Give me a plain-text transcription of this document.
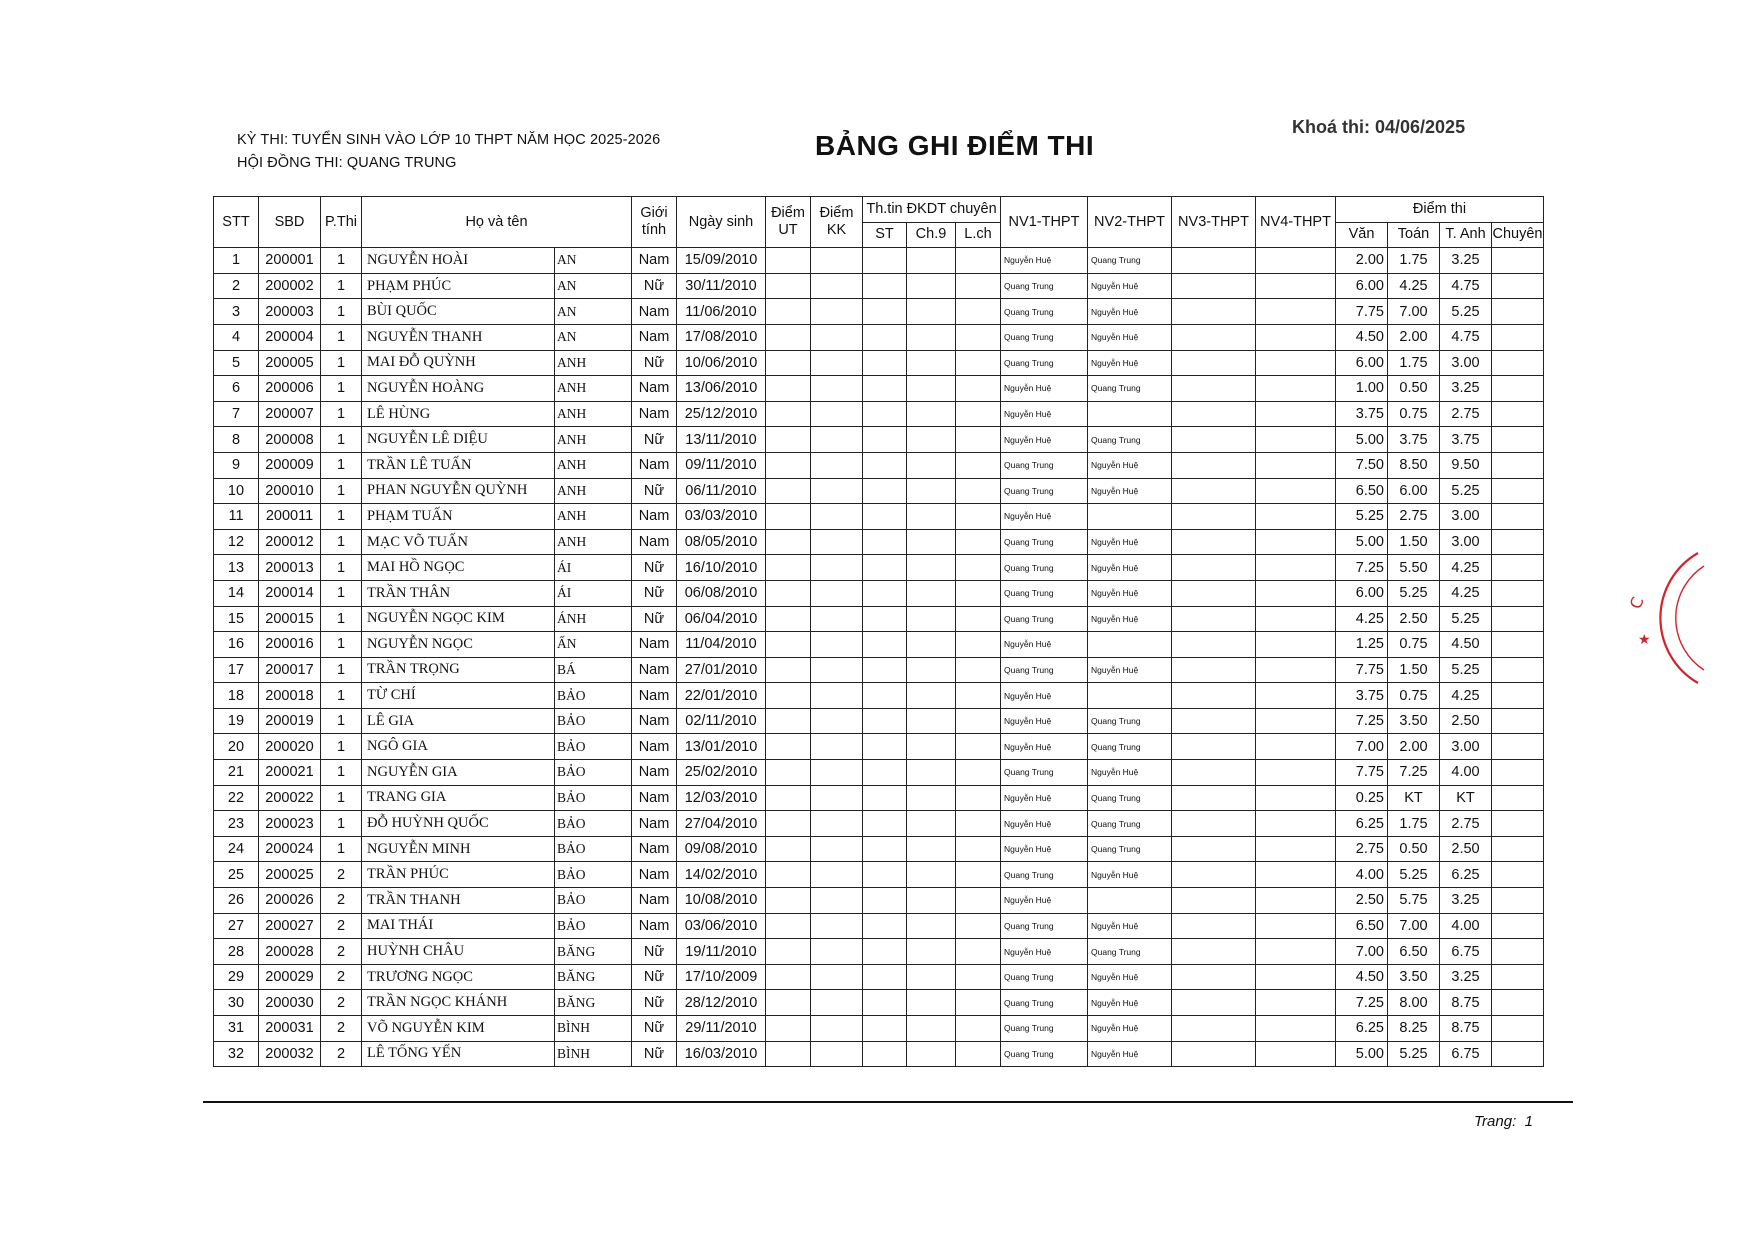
KỲ THI: TUYỂN SINH VÀO LỚP 10 THPT NĂM HỌC 2025-2026
HỘI ĐỒNG THI: QUANG TRUNG
BẢNG GHI ĐIỂM THI
Khoá thi: 04/06/2025
STT	SBD	P.Thi	Họ và tên		Giới tính	Ngày sinh	Điểm UT	Điểm KK	Th.tin ĐKDT chuyên			NV1-THPT	NV2-THPT	NV3-THPT	NV4-THPT	Điểm thi			
									ST	Ch.9	L.ch					Văn	Toán	T. Anh	Chuyên
1	200001	1	NGUYỄN HOÀI	AN	Nam	15/09/2010						Nguyễn Huệ	Quang Trung			2.00	1.75	3.25	
2	200002	1	PHẠM PHÚC	AN	Nữ	30/11/2010						Quang Trung	Nguyễn Huệ			6.00	4.25	4.75	
3	200003	1	BÙI QUỐC	AN	Nam	11/06/2010						Quang Trung	Nguyễn Huệ			7.75	7.00	5.25	
4	200004	1	NGUYỄN THANH	AN	Nam	17/08/2010						Quang Trung	Nguyễn Huệ			4.50	2.00	4.75	
5	200005	1	MAI ĐỖ QUỲNH	ANH	Nữ	10/06/2010						Quang Trung	Nguyễn Huệ			6.00	1.75	3.00	
6	200006	1	NGUYỄN HOÀNG	ANH	Nam	13/06/2010						Nguyễn Huệ	Quang Trung			1.00	0.50	3.25	
7	200007	1	LÊ HÙNG	ANH	Nam	25/12/2010						Nguyễn Huệ				3.75	0.75	2.75	
8	200008	1	NGUYỄN LÊ DIỆU	ANH	Nữ	13/11/2010						Nguyễn Huệ	Quang Trung			5.00	3.75	3.75	
9	200009	1	TRẦN LÊ TUẤN	ANH	Nam	09/11/2010						Quang Trung	Nguyễn Huệ			7.50	8.50	9.50	
10	200010	1	PHAN NGUYỄN QUỲNH	ANH	Nữ	06/11/2010						Quang Trung	Nguyễn Huệ			6.50	6.00	5.25	
11	200011	1	PHẠM TUẤN	ANH	Nam	03/03/2010						Nguyễn Huệ				5.25	2.75	3.00	
12	200012	1	MẠC VÕ TUẤN	ANH	Nam	08/05/2010						Quang Trung	Nguyễn Huệ			5.00	1.50	3.00	
13	200013	1	MAI HỒ NGỌC	ÁI	Nữ	16/10/2010						Quang Trung	Nguyễn Huệ			7.25	5.50	4.25	
14	200014	1	TRẦN THÂN	ÁI	Nữ	06/08/2010						Quang Trung	Nguyễn Huệ			6.00	5.25	4.25	
15	200015	1	NGUYỄN NGỌC KIM	ÁNH	Nữ	06/04/2010						Quang Trung	Nguyễn Huệ			4.25	2.50	5.25	
16	200016	1	NGUYỄN NGỌC	ẤN	Nam	11/04/2010						Nguyễn Huệ				1.25	0.75	4.50	
17	200017	1	TRẦN TRỌNG	BÁ	Nam	27/01/2010						Quang Trung	Nguyễn Huệ			7.75	1.50	5.25	
18	200018	1	TỪ CHÍ	BẢO	Nam	22/01/2010						Nguyễn Huệ				3.75	0.75	4.25	
19	200019	1	LÊ GIA	BẢO	Nam	02/11/2010						Nguyễn Huệ	Quang Trung			7.25	3.50	2.50	
20	200020	1	NGÔ GIA	BẢO	Nam	13/01/2010						Nguyễn Huệ	Quang Trung			7.00	2.00	3.00	
21	200021	1	NGUYỄN GIA	BẢO	Nam	25/02/2010						Quang Trung	Nguyễn Huệ			7.75	7.25	4.00	
22	200022	1	TRANG GIA	BẢO	Nam	12/03/2010						Nguyễn Huệ	Quang Trung			0.25	KT	KT	
23	200023	1	ĐỖ HUỲNH QUỐC	BẢO	Nam	27/04/2010						Nguyễn Huệ	Quang Trung			6.25	1.75	2.75	
24	200024	1	NGUYỄN MINH	BẢO	Nam	09/08/2010						Nguyễn Huệ	Quang Trung			2.75	0.50	2.50	
25	200025	2	TRẦN PHÚC	BẢO	Nam	14/02/2010						Quang Trung	Nguyễn Huệ			4.00	5.25	6.25	
26	200026	2	TRẦN THANH	BẢO	Nam	10/08/2010						Nguyễn Huệ				2.50	5.75	3.25	
27	200027	2	MAI THÁI	BẢO	Nam	03/06/2010						Quang Trung	Nguyễn Huệ			6.50	7.00	4.00	
28	200028	2	HUỲNH CHÂU	BĂNG	Nữ	19/11/2010						Nguyễn Huệ	Quang Trung			7.00	6.50	6.75	
29	200029	2	TRƯƠNG NGỌC	BĂNG	Nữ	17/10/2009						Quang Trung	Nguyễn Huệ			4.50	3.50	3.25	
30	200030	2	TRẦN NGỌC KHÁNH	BĂNG	Nữ	28/12/2010						Quang Trung	Nguyễn Huệ			7.25	8.00	8.75	
31	200031	2	VÕ NGUYỄN KIM	BÌNH	Nữ	29/11/2010						Quang Trung	Nguyễn Huệ			6.25	8.25	8.75	
32	200032	2	LÊ TỐNG YẾN	BÌNH	Nữ	16/03/2010						Quang Trung	Nguyễn Huệ			5.00	5.25	6.75	
Trang: 1
C
★
